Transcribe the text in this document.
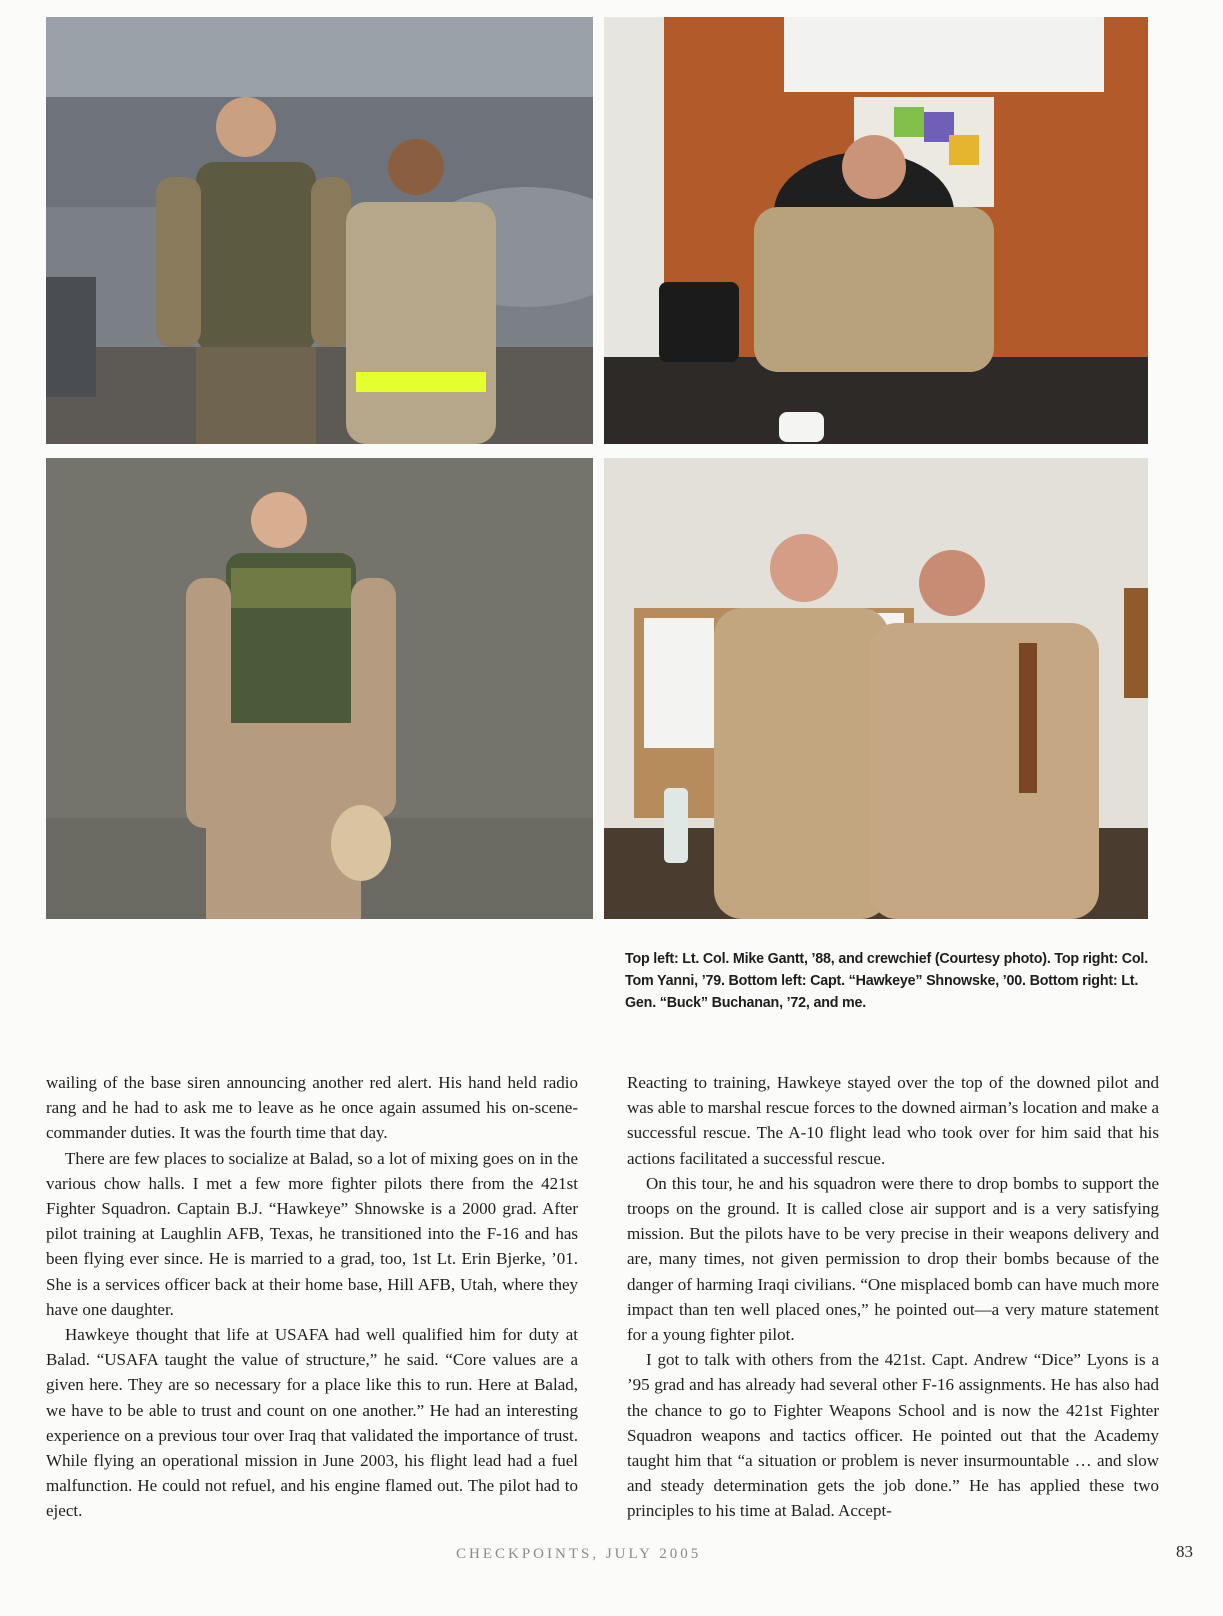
Top left: Lt. Col. Mike Gantt, ’88, and crewchief (Courtesy photo). Top right: Col. Tom Yanni, ’79. Bottom left: Capt. “Hawkeye” Shnowske, ’00. Bottom right: Lt. Gen. “Buck” Buchanan, ’72, and me.

wailing of the base siren announcing another red alert. His hand held radio rang and he had to ask me to leave as he once again assumed his on-scene-commander duties. It was the fourth time that day.

There are few places to socialize at Balad, so a lot of mixing goes on in the various chow halls. I met a few more fighter pilots there from the 421st Fighter Squadron. Captain B.J. “Hawkeye” Shnowske is a 2000 grad. After pilot training at Laughlin AFB, Texas, he transitioned into the F-16 and has been flying ever since. He is married to a grad, too, 1st Lt. Erin Bjerke, ’01. She is a services officer back at their home base, Hill AFB, Utah, where they have one daughter.

Hawkeye thought that life at USAFA had well qualified him for duty at Balad. “USAFA taught the value of structure,” he said. “Core values are a given here. They are so necessary for a place like this to run. Here at Balad, we have to be able to trust and count on one another.” He had an interesting experience on a previous tour over Iraq that validated the importance of trust. While flying an operational mission in June 2003, his flight lead had a fuel malfunction. He could not refuel, and his engine flamed out. The pilot had to eject.

Reacting to training, Hawkeye stayed over the top of the downed pilot and was able to marshal rescue forces to the downed airman’s location and make a successful rescue. The A-10 flight lead who took over for him said that his actions facilitated a successful rescue.

On this tour, he and his squadron were there to drop bombs to support the troops on the ground. It is called close air support and is a very satisfying mission. But the pilots have to be very precise in their weapons delivery and are, many times, not given permission to drop their bombs because of the danger of harming Iraqi civilians. “One misplaced bomb can have much more impact than ten well placed ones,” he pointed out—a very mature statement for a young fighter pilot.

I got to talk with others from the 421st. Capt. Andrew “Dice” Lyons is a ’95 grad and has already had several other F-16 assignments. He has also had the chance to go to Fighter Weapons School and is now the 421st Fighter Squadron weapons and tactics officer. He pointed out that the Academy taught him that “a situation or problem is never insurmountable … and slow and steady determination gets the job done.” He has applied these two principles to his time at Balad. Accept-

CHECKPOINTS, JULY 2005	83
